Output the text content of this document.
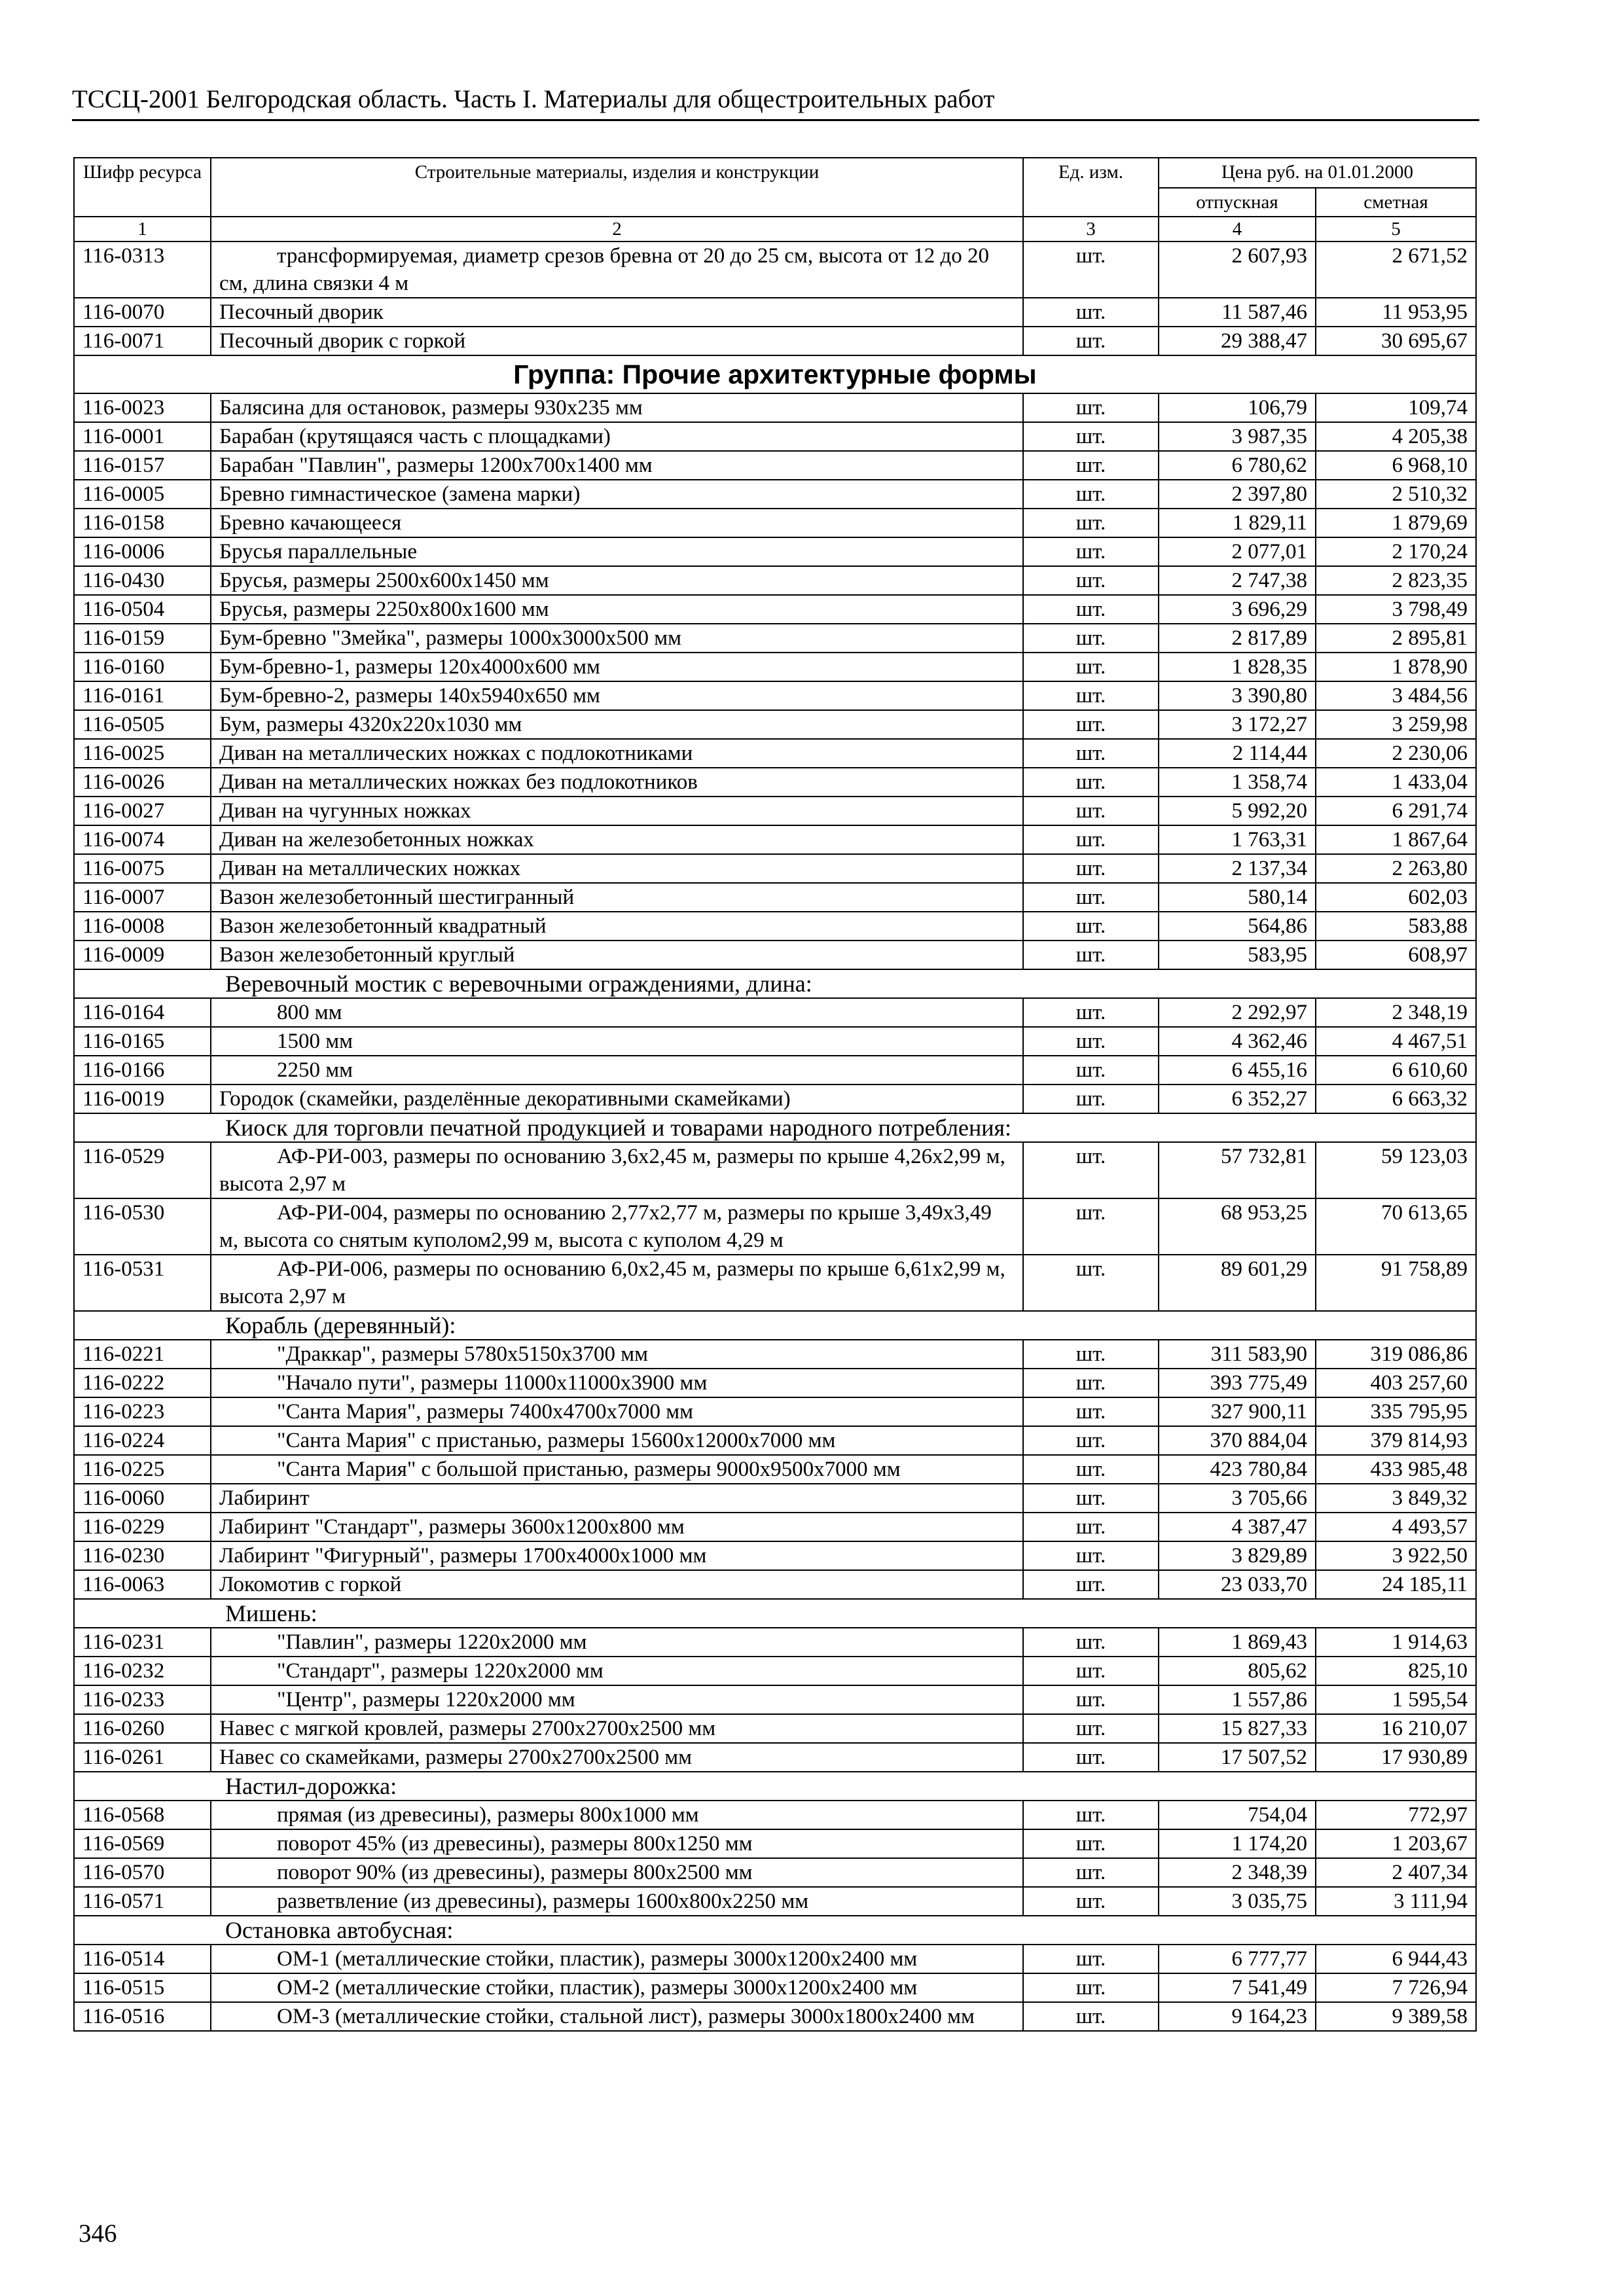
ТССЦ-2001 Белгородская область. Часть I. Материалы для общестроительных работ
Шифр ресурса	Строительные материалы, изделия и конструкции	Ед. изм.	Цена руб. на 01.01.2000	
			отпускная	сметная
1	2	3	4	5
116-0313	трансформируемая, диаметр срезов бревна от 20 до 25 см, высота от 12 до 20 см, длина связки 4 м	шт.	2 607,93	2 671,52
116-0070	Песочный дворик	шт.	11 587,46	11 953,95
116-0071	Песочный дворик с горкой	шт.	29 388,47	30 695,67
Группа: Прочие архитектурные формы				
116-0023	Балясина для остановок, размеры 930x235 мм	шт.	106,79	109,74
116-0001	Барабан (крутящаяся часть с площадками)	шт.	3 987,35	4 205,38
116-0157	Барабан "Павлин", размеры 1200x700x1400 мм	шт.	6 780,62	6 968,10
116-0005	Бревно гимнастическое (замена марки)	шт.	2 397,80	2 510,32
116-0158	Бревно качающееся	шт.	1 829,11	1 879,69
116-0006	Брусья параллельные	шт.	2 077,01	2 170,24
116-0430	Брусья, размеры 2500x600x1450 мм	шт.	2 747,38	2 823,35
116-0504	Брусья, размеры 2250x800x1600 мм	шт.	3 696,29	3 798,49
116-0159	Бум-бревно "Змейка", размеры 1000x3000x500 мм	шт.	2 817,89	2 895,81
116-0160	Бум-бревно-1, размеры 120x4000x600 мм	шт.	1 828,35	1 878,90
116-0161	Бум-бревно-2, размеры 140x5940x650 мм	шт.	3 390,80	3 484,56
116-0505	Бум, размеры 4320x220x1030 мм	шт.	3 172,27	3 259,98
116-0025	Диван на металлических ножках с подлокотниками	шт.	2 114,44	2 230,06
116-0026	Диван на металлических ножках без подлокотников	шт.	1 358,74	1 433,04
116-0027	Диван на чугунных ножках	шт.	5 992,20	6 291,74
116-0074	Диван на железобетонных ножках	шт.	1 763,31	1 867,64
116-0075	Диван на металлических ножках	шт.	2 137,34	2 263,80
116-0007	Вазон железобетонный шестигранный	шт.	580,14	602,03
116-0008	Вазон железобетонный квадратный	шт.	564,86	583,88
116-0009	Вазон железобетонный круглый	шт.	583,95	608,97
Веревочный мостик с веревочными ограждениями, длина:				
116-0164	800 мм	шт.	2 292,97	2 348,19
116-0165	1500 мм	шт.	4 362,46	4 467,51
116-0166	2250 мм	шт.	6 455,16	6 610,60
116-0019	Городок (скамейки, разделённые декоративными скамейками)	шт.	6 352,27	6 663,32
Киоск для торговли печатной продукцией и товарами народного потребления:				
116-0529	АФ-РИ-003, размеры по основанию 3,6x2,45 м, размеры по крыше 4,26x2,99 м, высота 2,97 м	шт.	57 732,81	59 123,03
116-0530	АФ-РИ-004, размеры по основанию 2,77x2,77 м, размеры по крыше 3,49x3,49 м, высота со снятым куполом2,99 м, высота с куполом 4,29 м	шт.	68 953,25	70 613,65
116-0531	АФ-РИ-006, размеры по основанию 6,0x2,45 м, размеры по крыше 6,61x2,99 м, высота 2,97 м	шт.	89 601,29	91 758,89
Корабль (деревянный):				
116-0221	"Драккар", размеры 5780x5150x3700 мм	шт.	311 583,90	319 086,86
116-0222	"Начало пути", размеры 11000x11000x3900 мм	шт.	393 775,49	403 257,60
116-0223	"Санта Мария", размеры 7400x4700x7000 мм	шт.	327 900,11	335 795,95
116-0224	"Санта Мария" с пристанью, размеры 15600x12000x7000 мм	шт.	370 884,04	379 814,93
116-0225	"Санта Мария" с большой пристанью, размеры 9000x9500x7000 мм	шт.	423 780,84	433 985,48
116-0060	Лабиринт	шт.	3 705,66	3 849,32
116-0229	Лабиринт "Стандарт", размеры 3600x1200x800 мм	шт.	4 387,47	4 493,57
116-0230	Лабиринт "Фигурный", размеры 1700x4000x1000 мм	шт.	3 829,89	3 922,50
116-0063	Локомотив с горкой	шт.	23 033,70	24 185,11
Мишень:				
116-0231	"Павлин", размеры 1220x2000 мм	шт.	1 869,43	1 914,63
116-0232	"Стандарт", размеры 1220x2000 мм	шт.	805,62	825,10
116-0233	"Центр", размеры 1220x2000 мм	шт.	1 557,86	1 595,54
116-0260	Навес с мягкой кровлей, размеры 2700x2700x2500 мм	шт.	15 827,33	16 210,07
116-0261	Навес со скамейками, размеры 2700x2700x2500 мм	шт.	17 507,52	17 930,89
Настил-дорожка:				
116-0568	прямая (из древесины), размеры 800x1000 мм	шт.	754,04	772,97
116-0569	поворот 45% (из древесины), размеры 800x1250 мм	шт.	1 174,20	1 203,67
116-0570	поворот 90% (из древесины), размеры 800x2500 мм	шт.	2 348,39	2 407,34
116-0571	разветвление (из древесины), размеры 1600x800x2250 мм	шт.	3 035,75	3 111,94
Остановка автобусная:				
116-0514	ОМ-1 (металлические стойки, пластик), размеры 3000x1200x2400 мм	шт.	6 777,77	6 944,43
116-0515	ОМ-2 (металлические стойки, пластик), размеры 3000x1200x2400 мм	шт.	7 541,49	7 726,94
116-0516	ОМ-3 (металлические стойки, стальной лист), размеры 3000x1800x2400 мм	шт.	9 164,23	9 389,58
346
